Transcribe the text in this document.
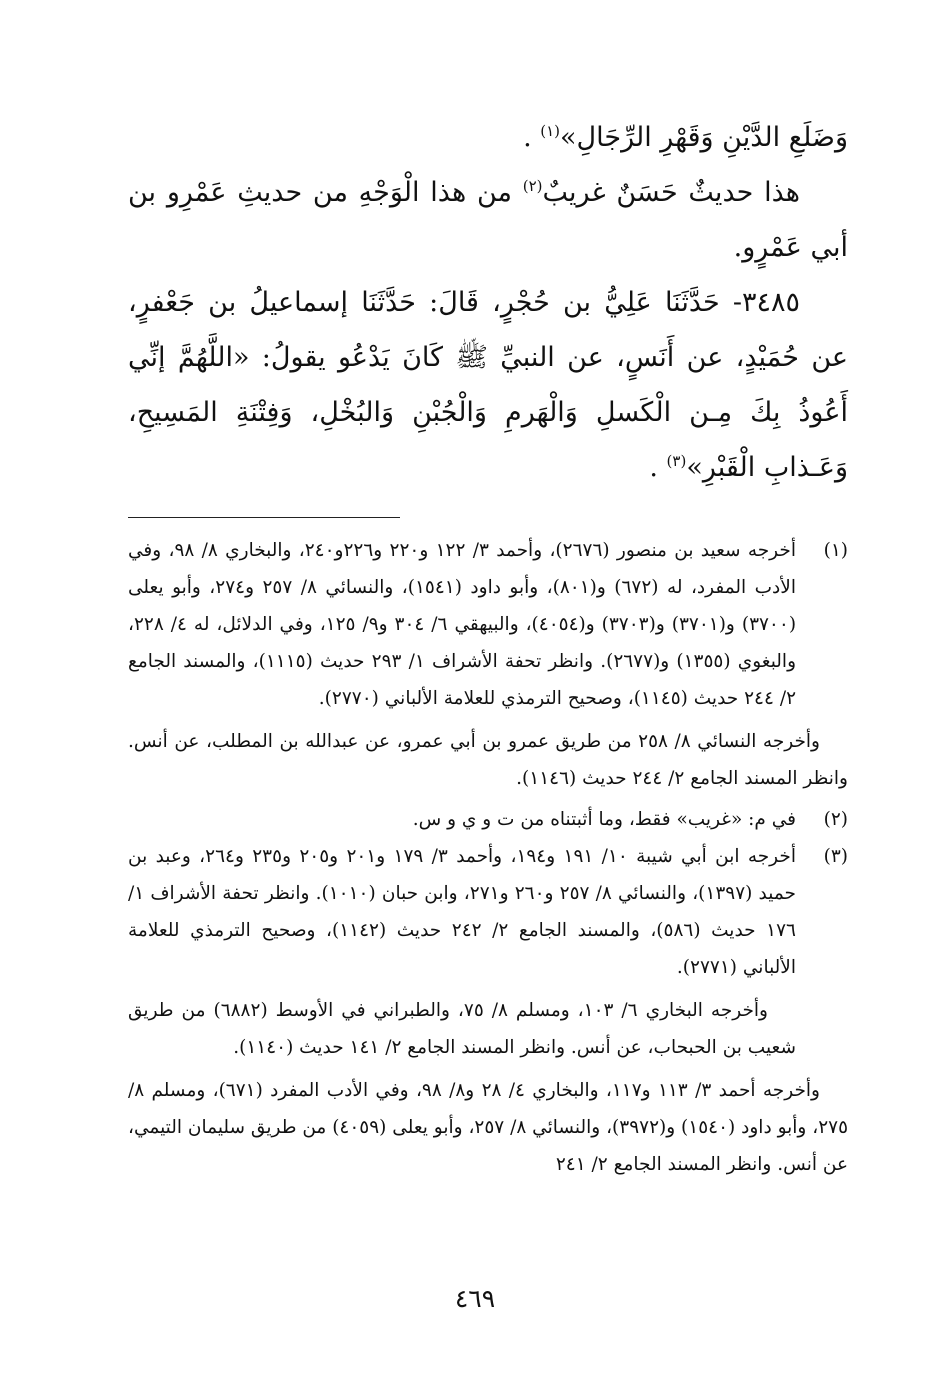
وَضَلَعِ الدَّيْنِ وَقَهْرِ الرِّجَالِ»$^{(١)}$ .

هذا حديثٌ حَسَنٌ غريبٌ$^{(٢)}$ من هذا الْوَجْهِ من حديثِ عَمْرِو بن أبي عَمْرٍو.

٣٤٨٥- حَدَّثَنَا عَلِيُّ بن حُجْرٍ، قَالَ: حَدَّثَنَا إسماعيلُ بن جَعْفرٍ، عن حُمَيْدٍ، عن أَنَسٍ، عن النبيِّ ﷺ كَانَ يَدْعُو يقولُ: «اللَّهُمَّ إنِّي أَعُوذُ بِكَ مِـن الْكَسلِ وَالْهَرمِ وَالْجُبْنِ وَالبُخْلِ، وَفِتْنَةِ المَسِيحِ، وَعَـذابِ الْقَبْرِ»$^{(٣)}$ .

(١)
أخرجه سعيد بن منصور (٢٦٧٦)، وأحمد ٣/ ١٢٢ و٢٢٠ و٢٢٦و٢٤٠، والبخاري ٨/ ٩٨، وفي الأدب المفرد، له (٦٧٢) و(٨٠١)، وأبو داود (١٥٤١)، والنسائي ٨/ ٢٥٧ و٢٧٤، وأبو يعلى (٣٧٠٠) و(٣٧٠١) و(٣٧٠٣) و(٤٠٥٤)، والبيهقي ٦/ ٣٠٤ و٩/ ١٢٥، وفي الدلائل، له ٤/ ٢٢٨، والبغوي (١٣٥٥) و(٢٦٧٧). وانظر تحفة الأشراف ١/ ٢٩٣ حديث (١١١٥)، والمسند الجامع ٢/ ٢٤٤ حديث (١١٤٥)، وصحيح الترمذي للعلامة الألباني (٢٧٧٠).
وأخرجه النسائي ٨/ ٢٥٨ من طريق عمرو بن أبي عمرو، عن عبدالله بن المطلب، عن أنس. وانظر المسند الجامع ٢/ ٢٤٤ حديث (١١٤٦).
(٢)
في م: «غريب» فقط، وما أثبتناه من ت و ي و س.
(٣)
أخرجه ابن أبي شيبة ١٠/ ١٩١ و١٩٤، وأحمد ٣/ ١٧٩ و٢٠١ و٢٠٥ و٢٣٥ و٢٦٤، وعبد بن حميد (١٣٩٧)، والنسائي ٨/ ٢٥٧ و٢٦٠ و٢٧١، وابن حبان (١٠١٠). وانظر تحفة الأشراف ١/ ١٧٦ حديث (٥٨٦)، والمسند الجامع ٢/ ٢٤٢ حديث (١١٤٢)، وصحيح الترمذي للعلامة الألباني (٢٧٧١).
وأخرجه البخاري ٦/ ١٠٣، ومسلم ٨/ ٧٥، والطبراني في الأوسط (٦٨٨٢) من طريق شعيب بن الحبحاب، عن أنس. وانظر المسند الجامع ٢/ ١٤١ حديث (١١٤٠).
وأخرجه أحمد ٣/ ١١٣ و١١٧، والبخاري ٤/ ٢٨ و٨/ ٩٨، وفي الأدب المفرد (٦٧١)، ومسلم ٨/ ٢٧٥، وأبو داود (١٥٤٠) و(٣٩٧٢)، والنسائي ٨/ ٢٥٧، وأبو يعلى (٤٠٥٩) من طريق سليمان التيمي، عن أنس. وانظر المسند الجامع ٢/ ٢٤١
٤٦٩
